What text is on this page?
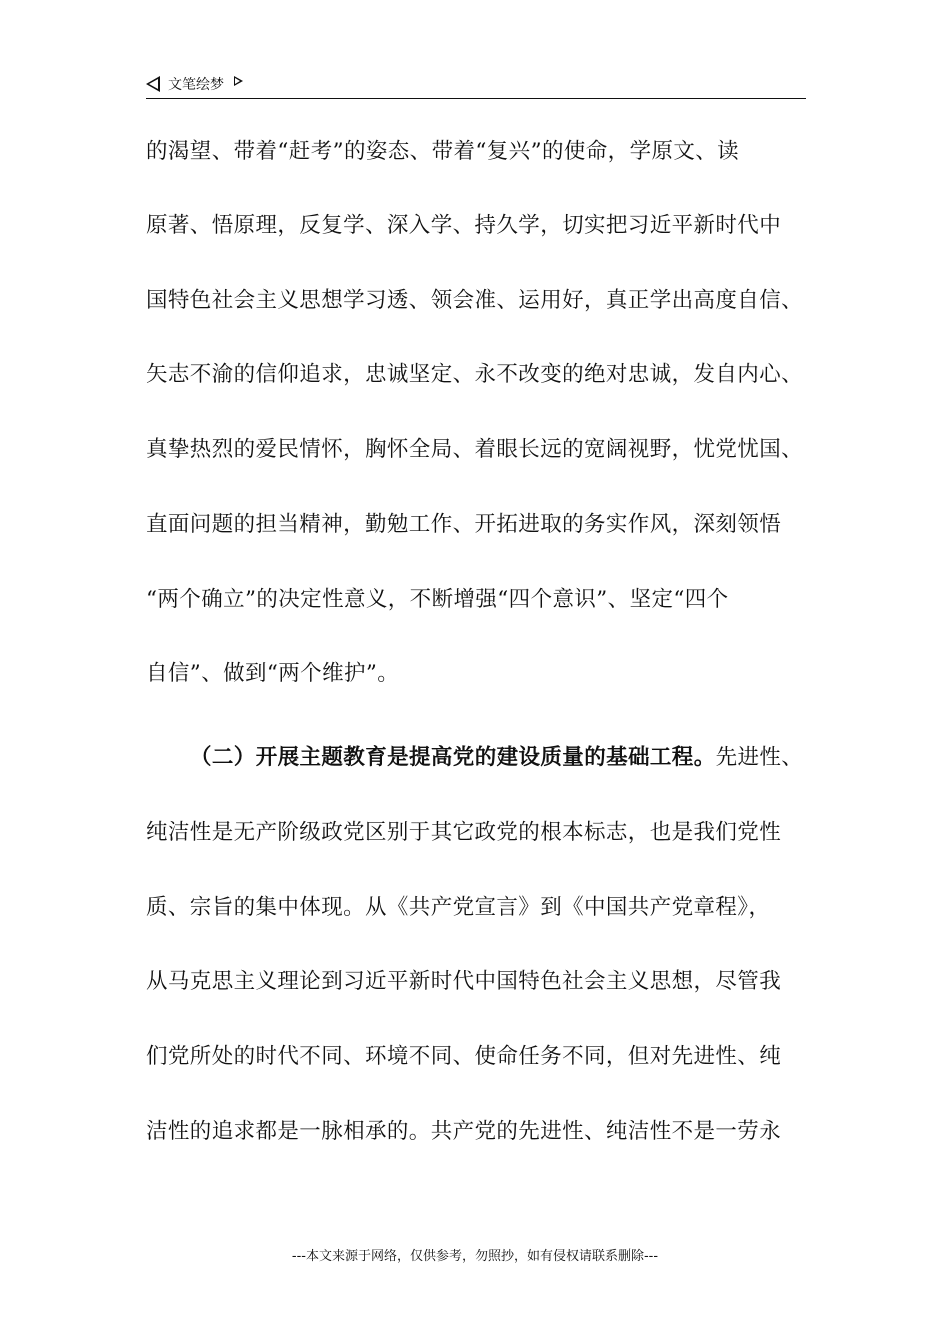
文笔绘梦
的渴望、带着“赶考”的姿态、带着“复兴”的使命，学原文、读
原著、悟原理，反复学、深入学、持久学，切实把习近平新时代中
国特色社会主义思想学习透、领会准、运用好，真正学出高度自信、
矢志不渝的信仰追求，忠诚坚定、永不改变的绝对忠诚，发自内心、
真挚热烈的爱民情怀，胸怀全局、着眼长远的宽阔视野，忧党忧国、
直面问题的担当精神，勤勉工作、开拓进取的务实作风，深刻领悟
“两个确立”的决定性意义，不断增强“四个意识”、坚定“四个
自信”、做到“两个维护”。
（二）开展主题教育是提高党的建设质量的基础工程。先进性、
纯洁性是无产阶级政党区别于其它政党的根本标志，也是我们党性
质、宗旨的集中体现。从《共产党宣言》到《中国共产党章程》，
从马克思主义理论到习近平新时代中国特色社会主义思想，尽管我
们党所处的时代不同、环境不同、使命任务不同，但对先进性、纯
洁性的追求都是一脉相承的。共产党的先进性、纯洁性不是一劳永
---本文来源于网络，仅供参考，勿照抄，如有侵权请联系删除---
